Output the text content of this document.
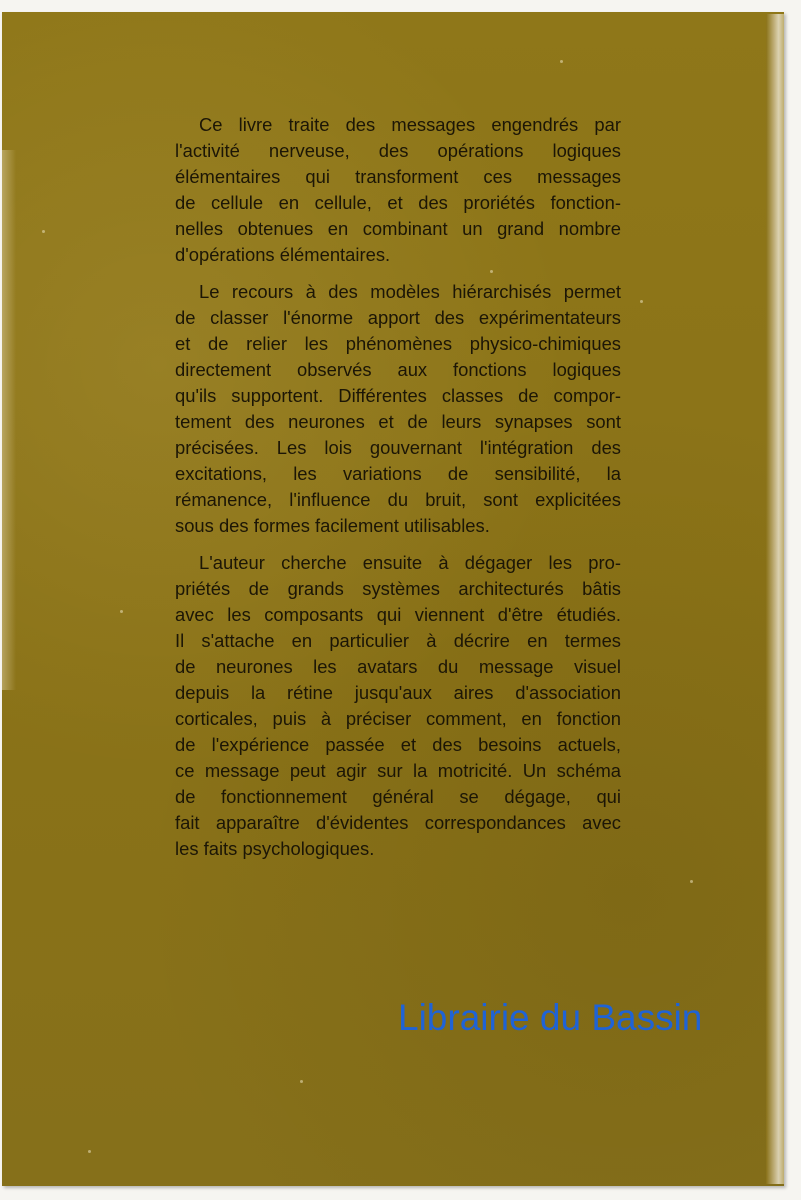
Ce livre traite des messages engendrés par
l'activité nerveuse, des opérations logiques
élémentaires qui transforment ces messages
de cellule en cellule, et des proriétés fonction-
nelles obtenues en combinant un grand nombre
d'opérations élémentaires.

Le recours à des modèles hiérarchisés permet
de classer l'énorme apport des expérimentateurs
et de relier les phénomènes physico-chimiques
directement observés aux fonctions logiques
qu'ils supportent. Différentes classes de compor-
tement des neurones et de leurs synapses sont
précisées. Les lois gouvernant l'intégration des
excitations, les variations de sensibilité, la
rémanence, l'influence du bruit, sont explicitées
sous des formes facilement utilisables.

L'auteur cherche ensuite à dégager les pro-
priétés de grands systèmes architecturés bâtis
avec les composants qui viennent d'être étudiés.
Il s'attache en particulier à décrire en termes
de neurones les avatars du message visuel
depuis la rétine jusqu'aux aires d'association
corticales, puis à préciser comment, en fonction
de l'expérience passée et des besoins actuels,
ce message peut agir sur la motricité. Un schéma
de fonctionnement général se dégage, qui
fait apparaître d'évidentes correspondances avec
les faits psychologiques.

Librairie du Bassin
